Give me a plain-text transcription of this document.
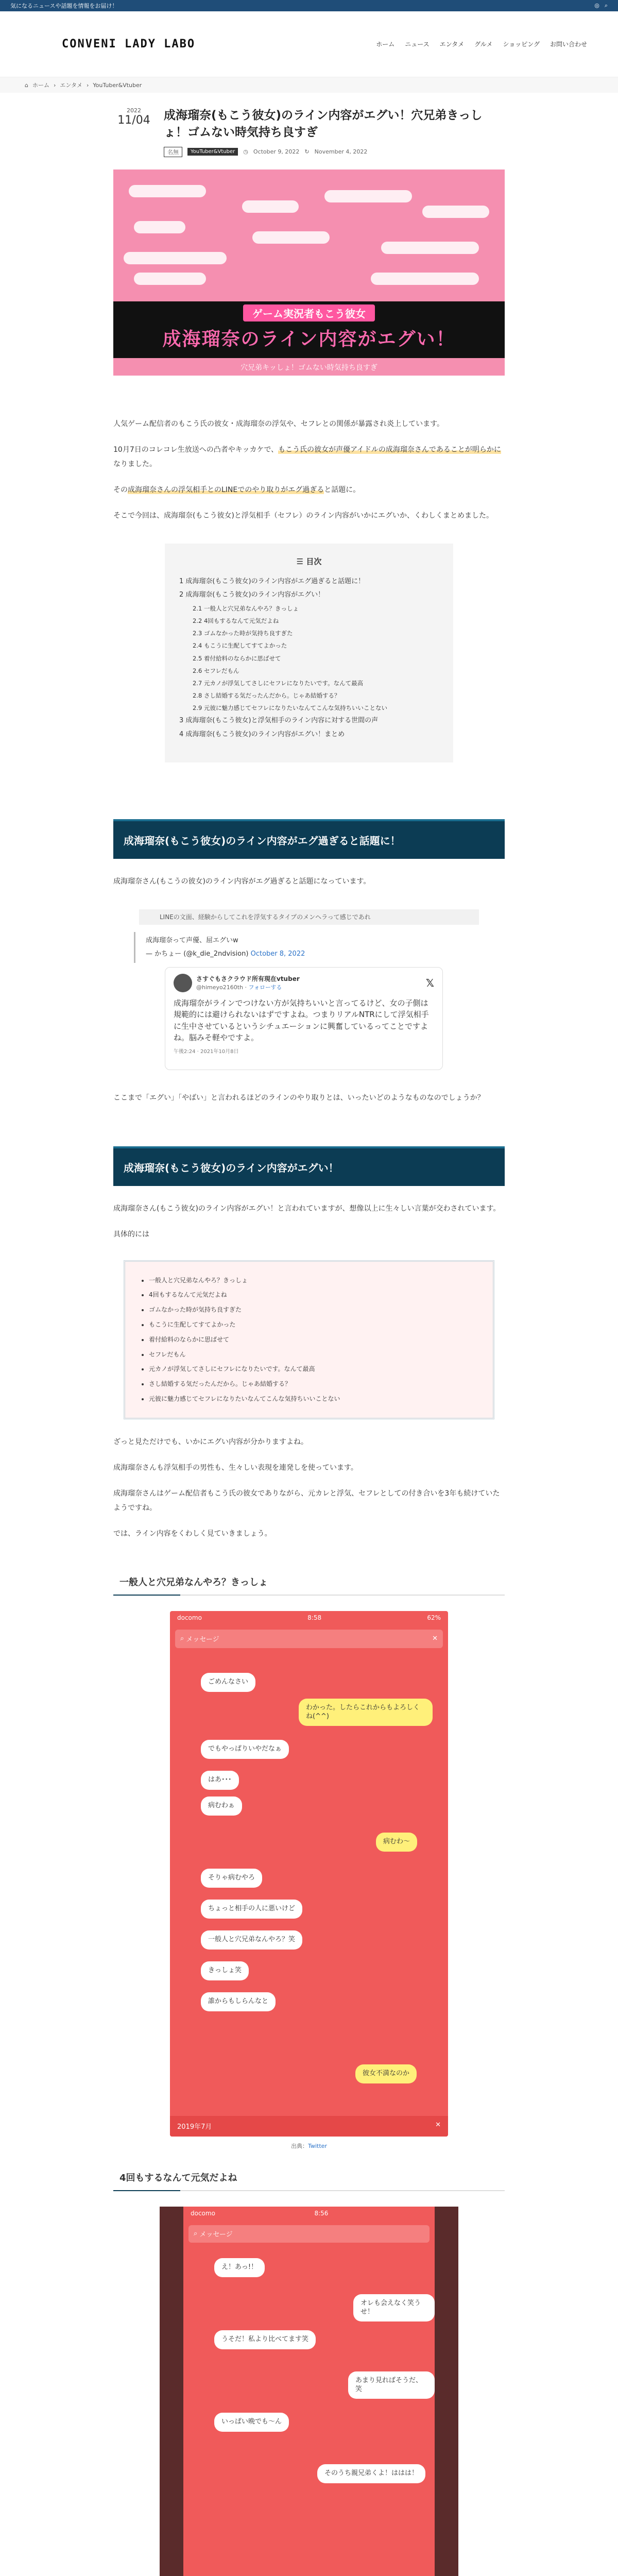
気になるニュースや話題を情報をお届け！	◎ ⌕
CONVENI LADY LABO	ホーム ニュース エンタメ グルメ ショッピング お問い合わせ
⌂ ホーム › エンタメ › YouTuber&Vtuber
2022
11/04	成海瑠奈(もこう彼女)のライン内容がエグい！穴兄弟きっしょ！ゴムない時気持ち良すぎ
名無	YouTuber&Vtuber	◷ October 9, 2022 ↻ November 4, 2022
ゲーム実況者もこう彼女
成海瑠奈のライン内容がエグい！
穴兄弟キッしょ！ゴムない時気持ち良すぎ

人気ゲーム配信者のもこう氏の彼女・成海瑠奈の浮気や、セフレとの関係が暴露され炎上しています。

10月7日のコレコレ生放送への凸者やキッカケで、もこう氏の彼女が声優アイドルの成海瑠奈さんであることが明らかになりました。

その成海瑠奈さんの浮気相手とのLINEでのやり取りがエグ過ぎると話題に。

そこで今回は、成海瑠奈(もこう彼女)と浮気相手（セフレ）のライン内容がいかにエグいか、くわしくまとめました。

☰ 目次
1 成海瑠奈(もこう彼女)のライン内容がエグ過ぎると話題に！
2 成海瑠奈(もこう彼女)のライン内容がエグい！
2.1 一般人と穴兄弟なんやろ？きっしょ
2.2 4回もするなんて元気だよね
2.3 ゴムなかった時が気持ち良すぎた
2.4 もこうに生配してすてよかった
2.5 着付給料のならかに思ばせて
2.6 セフレだもん
2.7 元カノが浮気してさしにセフレになりたいです。なんて最高
2.8 さし結婚する気だったんだから。じゃあ結婚する？
2.9 元彼に魅力感じてセフレになりたいなんてこんな気持ちいいことない
3 成海瑠奈(もこう彼女)と浮気相手のライン内容に対する世間の声
4 成海瑠奈(もこう彼女)のライン内容がエグい！まとめ
成海瑠奈(もこう彼女)のライン内容がエグ過ぎると話題に！

成海瑠奈さん(もこうの彼女)のライン内容がエグ過ぎると話題になっています。

LINEの文面、経験からしてこれを浮気するタイプのメンヘラって感じであれ
成海瑠奈って声優、屈エグいw
— かちょー (@k_die_2ndvision) October 8, 2022
さすぐもさクラウド所有現在vtuber
@himeyo2160th · フォローする	𝕏
成海瑠奈がラインでつけない方が気持ちいいと言ってるけど、女の子側は規範的には避けられないはずですよね。つまりリアルNTRにして浮気相手に生中させているというシチュエーションに興奮しているってことですよね。脳みそ軽やですよ。
午後2:24 · 2021年10月8日

ここまで「エグい」「やばい」と言われるほどのラインのやり取りとは、いったいどのようなものなのでしょうか？

成海瑠奈(もこう彼女)のライン内容がエグい！

成海瑠奈さん(もこう彼女)のライン内容がエグい！と言われていますが、想像以上に生々しい言葉が交わされています。

具体的には

• 一般人と穴兄弟なんやろ？きっしょ
• 4回もするなんて元気だよね
• ゴムなかった時が気持ち良すぎた
• もこうに生配してすてよかった
• 着付給料のならかに思ばせて
• セフレだもん
• 元カノが浮気してさしにセフレになりたいです。なんて最高
• さし結婚する気だったんだから。じゃあ結婚する？
• 元彼に魅力感じてセフレになりたいなんてこんな気持ちいいことない

ざっと見ただけでも、いかにエグい内容が分かりますよね。

成海瑠奈さんも浮気相手の男性も、生々しい表現を連発しを使っています。

成海瑠奈さんはゲーム配信者もこう氏の彼女でありながら、元カレと浮気、セフレとしての付き合いを3年も続けていたようですね。

では、ライン内容をくわしく見ていきましょう。

一般人と穴兄弟なんやろ？きっしょ
docomo	8:58	62%
⌕
メッセージ	✕
ごめんなさい
わかった。したらこれからもよろしくね(^^)
でもやっぱりいやだなぁ
はあ･･･
病むわぁ
病むわ〜
そりゃ病むやろ
ちょっと相手の人に悪いけど
一般人と穴兄弟なんやろ？笑
きっしょ笑
誰からもしらんなと
彼女不満なのか
2019年7月	✕
出典：Twitter
4回もするなんて元気だよね
docomo	8:56
⌕
メッセージ
え！あっ!！
オレも会えなく笑うせ！
うそだ！私より比べてます笑
あまり見ればそうだ、笑
いっぱい晩でも〜ん
そのうち親兄弟くよ！ははは！
